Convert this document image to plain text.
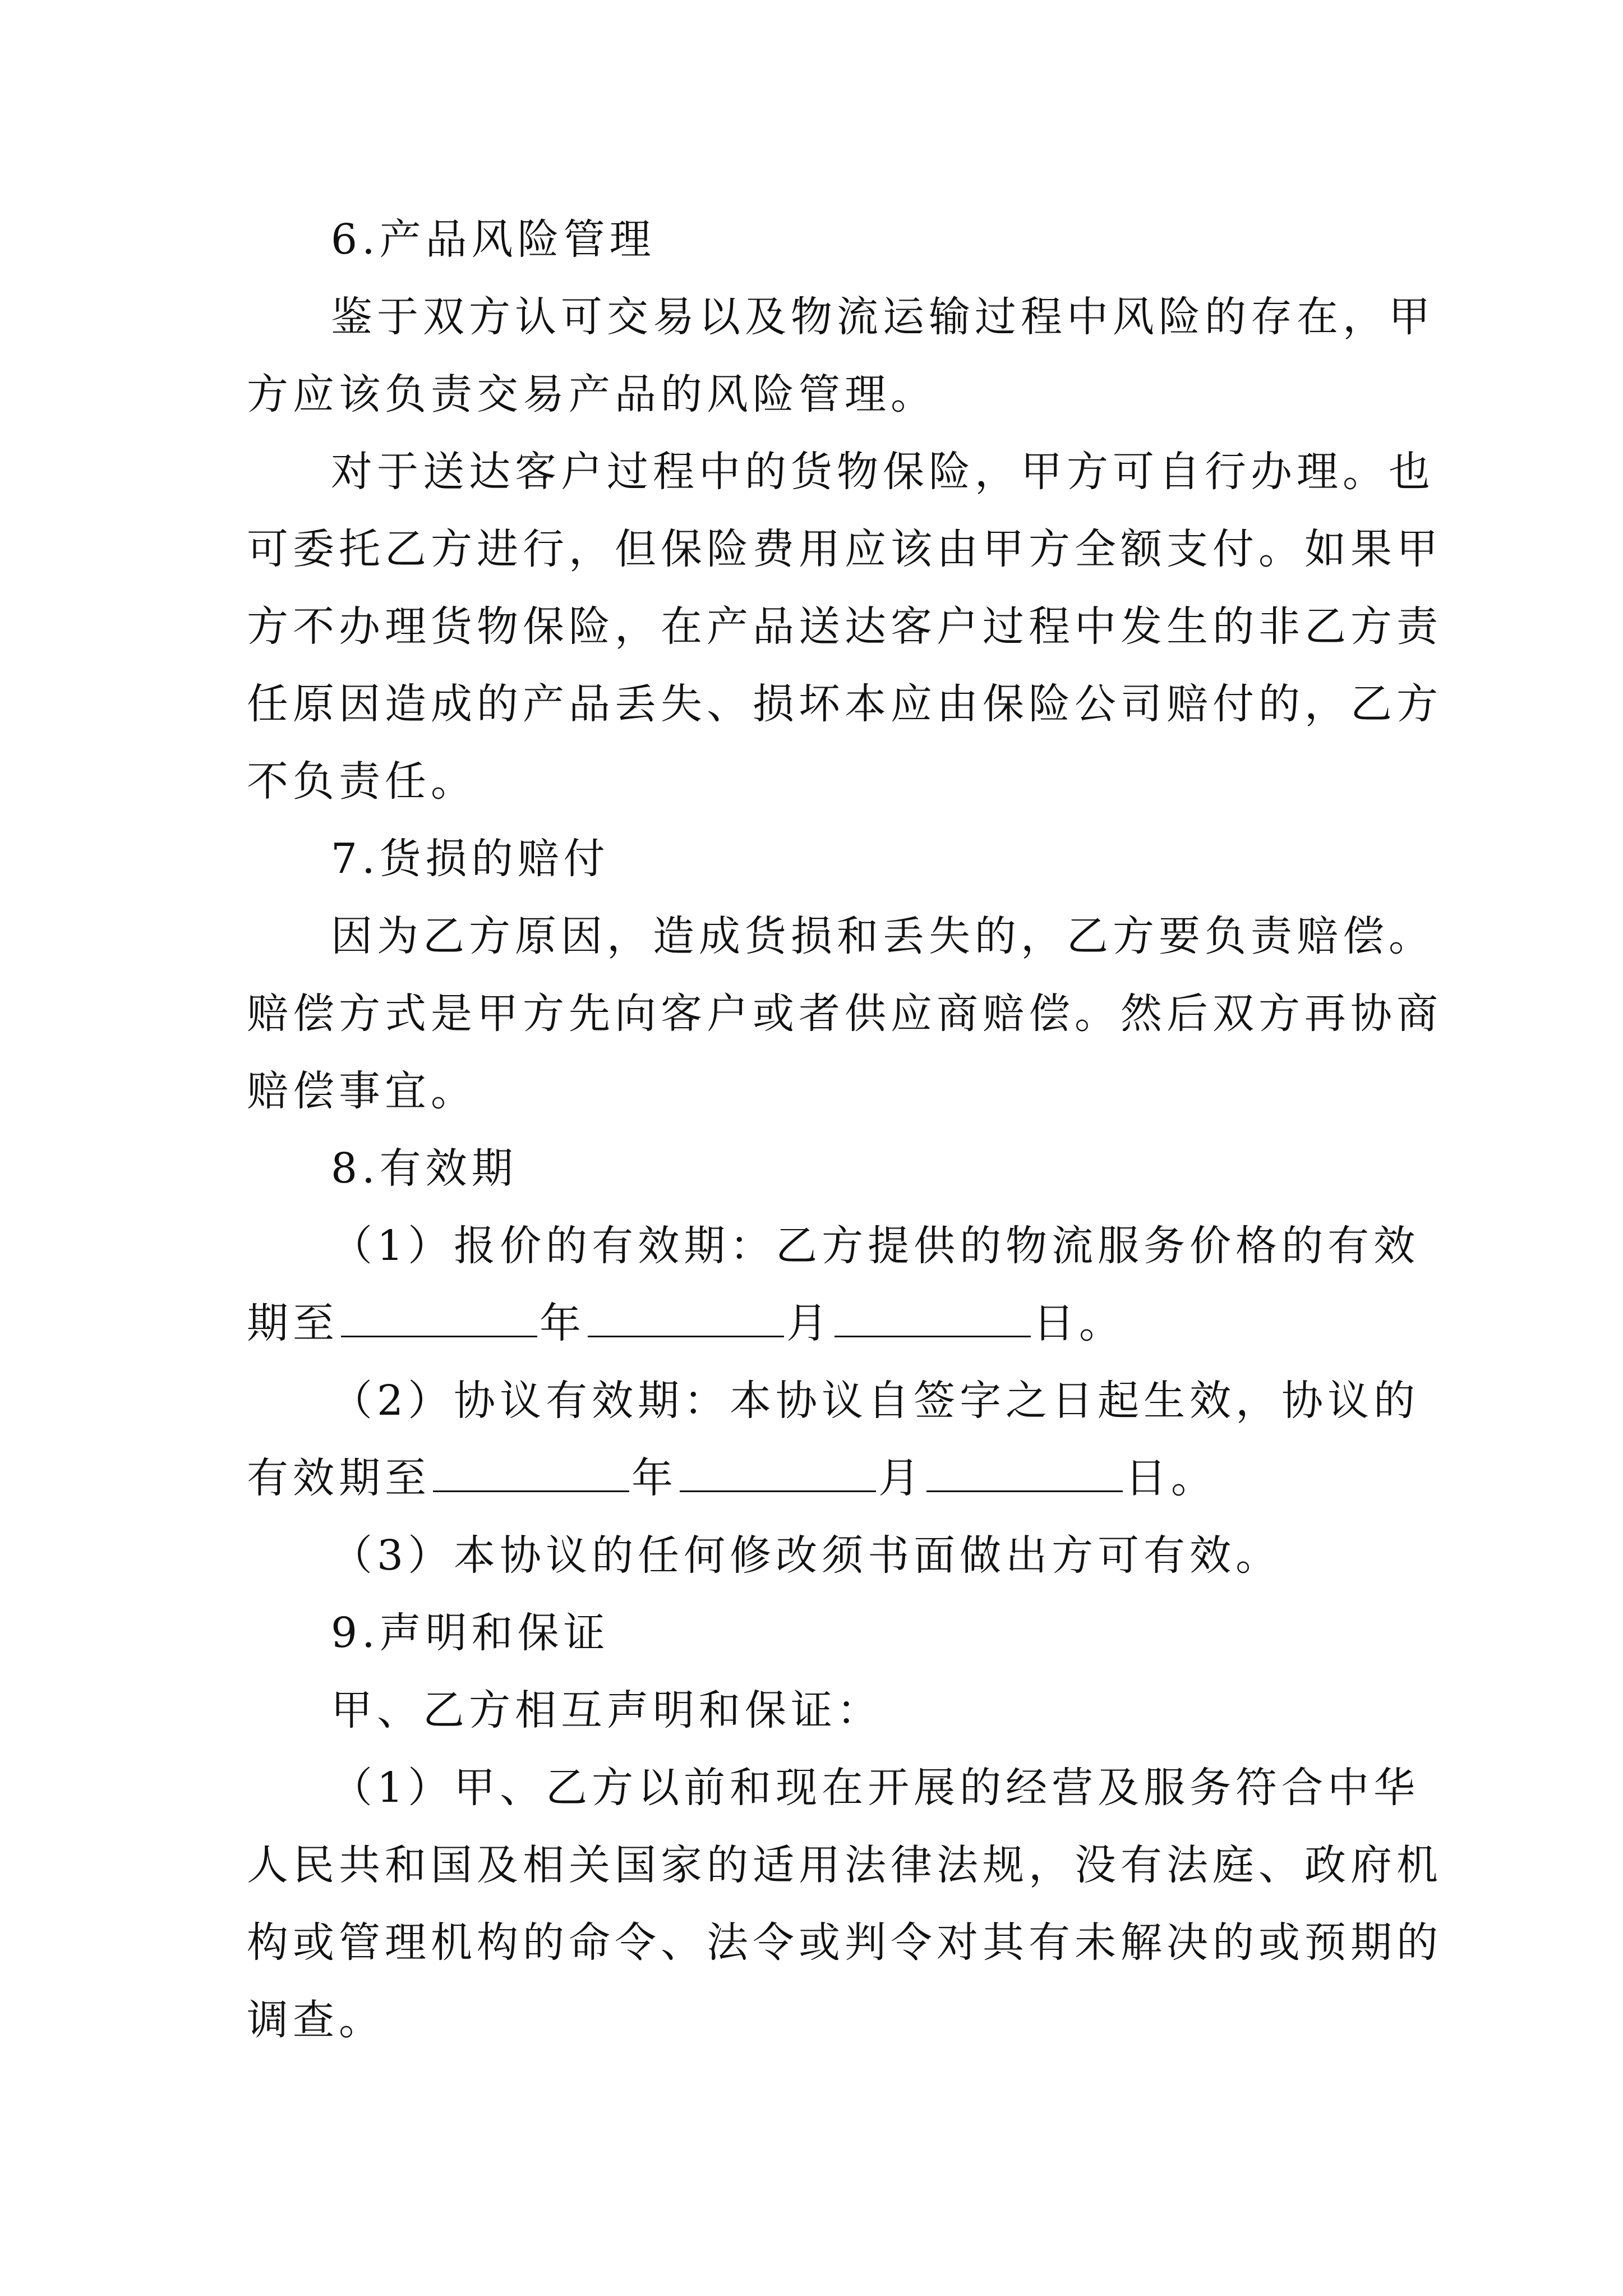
6.产品风险管理
鉴于双方认可交易以及物流运输过程中风险的存在，甲
方应该负责交易产品的风险管理。
对于送达客户过程中的货物保险，甲方可自行办理。也
可委托乙方进行，但保险费用应该由甲方全额支付。如果甲
方不办理货物保险，在产品送达客户过程中发生的非乙方责
任原因造成的产品丢失、损坏本应由保险公司赔付的，乙方
不负责任。
7.货损的赔付
因为乙方原因，造成货损和丢失的，乙方要负责赔偿。
赔偿方式是甲方先向客户或者供应商赔偿。然后双方再协商
赔偿事宜。
8.有效期
（1）报价的有效期：乙方提供的物流服务价格的有效
期至	年	月	日。
（2）协议有效期：本协议自签字之日起生效，协议的
有效期至	年	月	日。
（3）本协议的任何修改须书面做出方可有效。
9.声明和保证
甲、乙方相互声明和保证：
（1）甲、乙方以前和现在开展的经营及服务符合中华
人民共和国及相关国家的适用法律法规，没有法庭、政府机
构或管理机构的命令、法令或判令对其有未解决的或预期的
调查。
